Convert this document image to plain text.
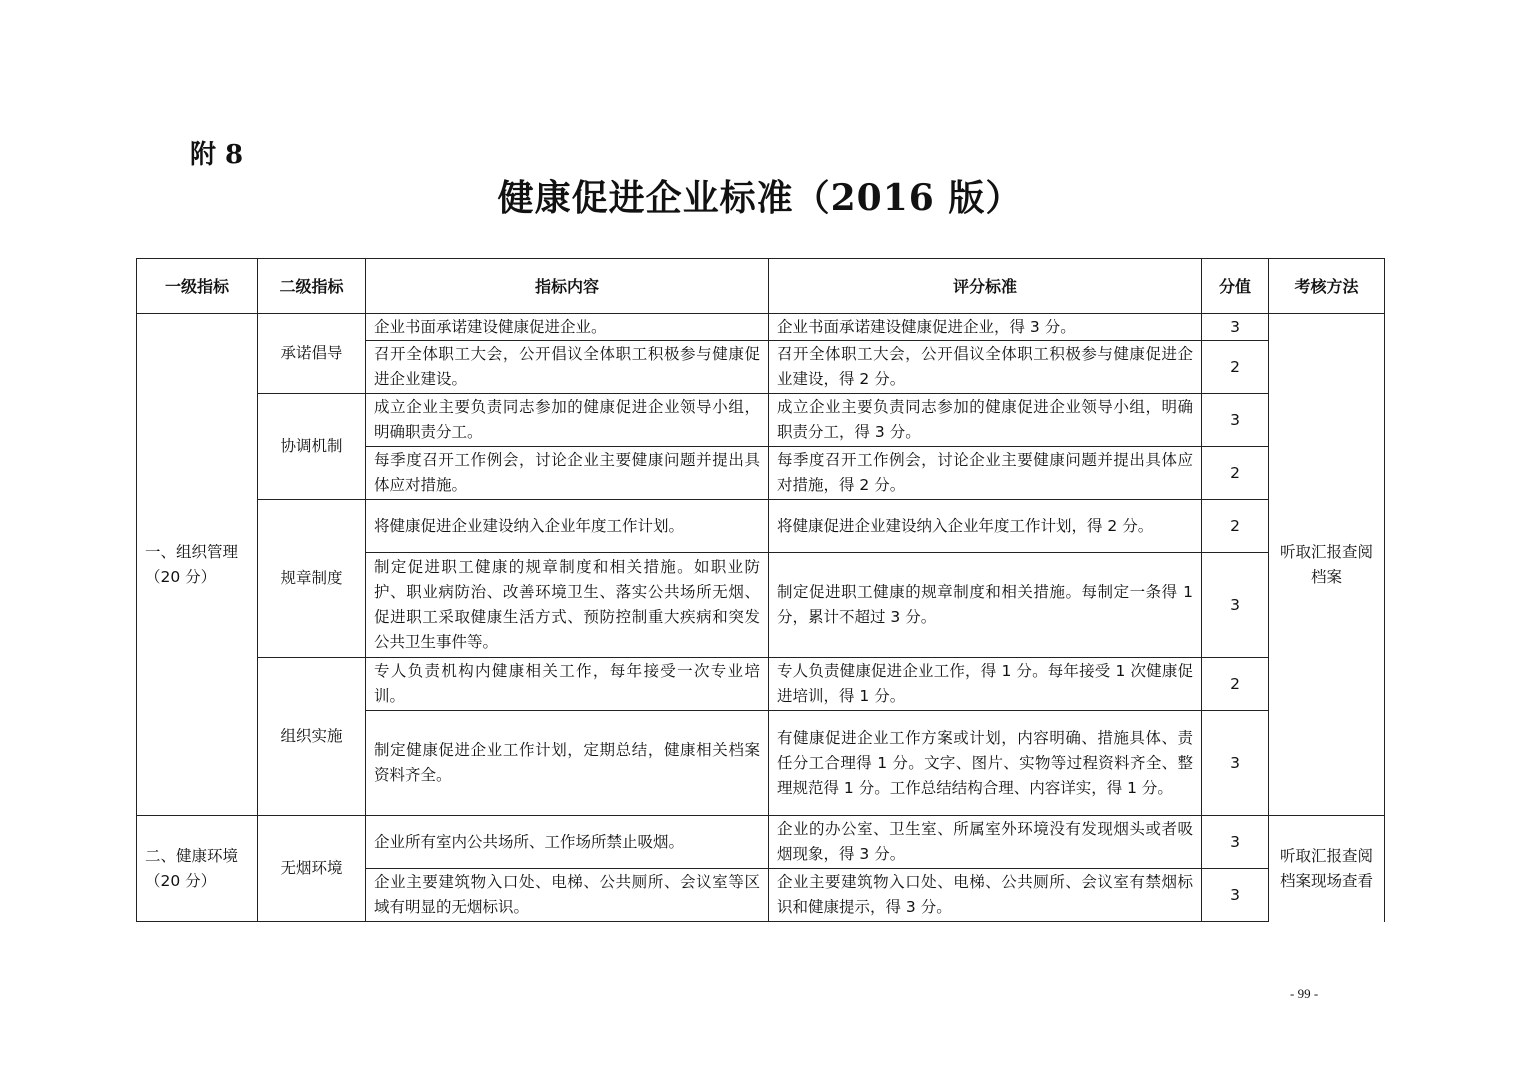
附 8
健康促进企业标准（2016 版）
一级指标	二级指标	指标内容	评分标准	分值	考核方法
一、组织管理（20 分）	承诺倡导	企业书面承诺建设健康促进企业。	企业书面承诺建设健康促进企业，得 3 分。	3	听取汇报查阅档案
		召开全体职工大会，公开倡议全体职工积极参与健康促进企业建设。	召开全体职工大会，公开倡议全体职工积极参与健康促进企业建设，得 2 分。	2	
	协调机制	成立企业主要负责同志参加的健康促进企业领导小组，明确职责分工。	成立企业主要负责同志参加的健康促进企业领导小组，明确职责分工，得 3 分。	3	
		每季度召开工作例会，讨论企业主要健康问题并提出具体应对措施。	每季度召开工作例会，讨论企业主要健康问题并提出具体应对措施，得 2 分。	2	
	规章制度	将健康促进企业建设纳入企业年度工作计划。	将健康促进企业建设纳入企业年度工作计划，得 2 分。	2	
		制定促进职工健康的规章制度和相关措施。如职业防护、职业病防治、改善环境卫生、落实公共场所无烟、促进职工采取健康生活方式、预防控制重大疾病和突发公共卫生事件等。	制定促进职工健康的规章制度和相关措施。每制定一条得 1 分，累计不超过 3 分。	3	
	组织实施	专人负责机构内健康相关工作，每年接受一次专业培训。	专人负责健康促进企业工作，得 1 分。每年接受 1 次健康促进培训，得 1 分。	2	
		制定健康促进企业工作计划，定期总结，健康相关档案资料齐全。	有健康促进企业工作方案或计划，内容明确、措施具体、责任分工合理得 1 分。文字、图片、实物等过程资料齐全、整理规范得 1 分。工作总结结构合理、内容详实，得 1 分。	3	
二、健康环境（20 分）	无烟环境	企业所有室内公共场所、工作场所禁止吸烟。	企业的办公室、卫生室、所属室外环境没有发现烟头或者吸烟现象，得 3 分。	3	听取汇报查阅档案现场查看
		企业主要建筑物入口处、电梯、公共厕所、会议室等区域有明显的无烟标识。	企业主要建筑物入口处、电梯、公共厕所、会议室有禁烟标识和健康提示，得 3 分。	3	
- 99 -
